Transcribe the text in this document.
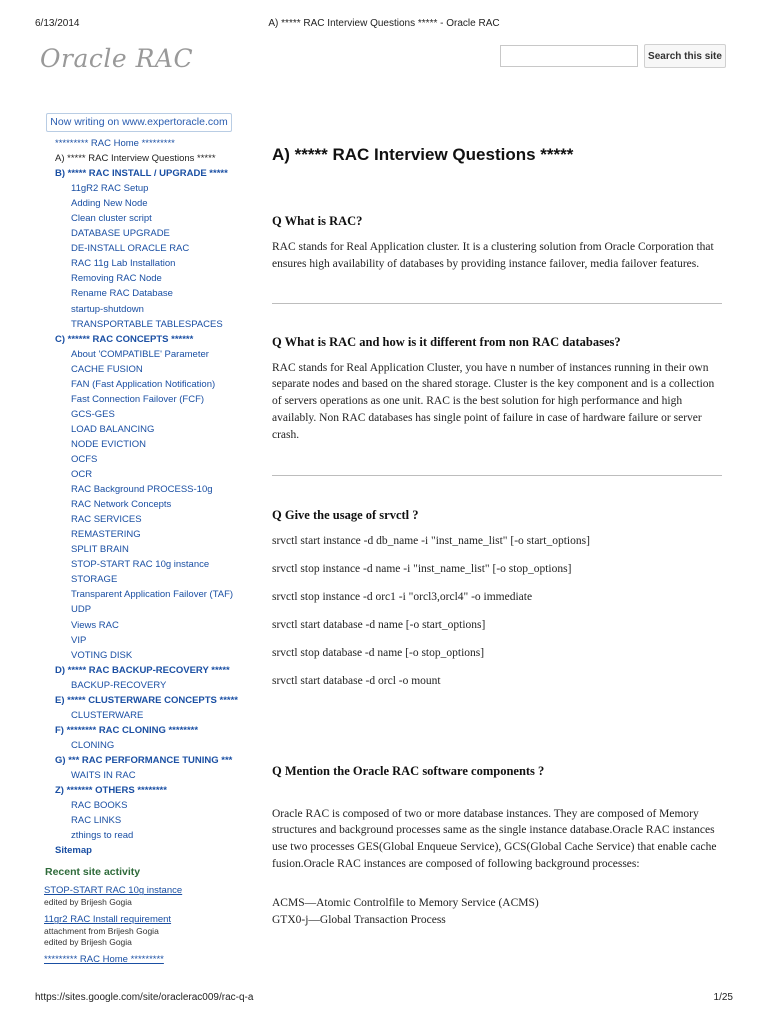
6/13/2014	A) ***** RAC Interview Questions ***** - Oracle RAC
Oracle RAC	Search this site
Now writing on www.expertoracle.com
********* RAC Home *********
A) ***** RAC Interview Questions *****
B) ***** RAC INSTALL / UPGRADE *****
11gR2 RAC Setup
Adding New Node
Clean cluster script
DATABASE UPGRADE
DE-INSTALL ORACLE RAC
RAC 11g Lab Installation
Removing RAC Node
Rename RAC Database
startup-shutdown
TRANSPORTABLE TABLESPACES
C) ****** RAC CONCEPTS ******
About 'COMPATIBLE' Parameter
CACHE FUSION
FAN (Fast Application Notification)
Fast Connection Failover (FCF)
GCS-GES
LOAD BALANCING
NODE EVICTION
OCFS
OCR
RAC Background PROCESS-10g
RAC Network Concepts
RAC SERVICES
REMASTERING
SPLIT BRAIN
STOP-START RAC 10g instance
STORAGE
Transparent Application Failover (TAF)
UDP
Views RAC
VIP
VOTING DISK
D) ***** RAC BACKUP-RECOVERY *****
BACKUP-RECOVERY
E) ***** CLUSTERWARE CONCEPTS *****
CLUSTERWARE
F) ******** RAC CLONING ********
CLONING
G) *** RAC PERFORMANCE TUNING ***
WAITS IN RAC
Z) ******* OTHERS ********
RAC BOOKS
RAC LINKS
zthings to read
Sitemap
Recent site activity
STOP-START RAC 10g instance
edited by Brijesh Gogia
11gr2 RAC Install requirement
attachment from Brijesh Gogia
edited by Brijesh Gogia
********* RAC Home *********
A) ***** RAC Interview Questions *****
Q What is RAC?
RAC stands for Real Application cluster. It is a clustering solution from Oracle Corporation that ensures high availability of databases by providing instance failover, media failover features.
Q What is RAC and how is it different from non RAC databases?
RAC stands for Real Application Cluster, you have n number of instances running in their own separate nodes and based on the shared storage. Cluster is the key component and is a collection of servers operations as one unit. RAC is the best solution for high performance and high availably. Non RAC databases has single point of failure in case of hardware failure or server crash.
Q Give the usage of srvctl ?
srvctl start instance -d db_name -i "inst_name_list" [-o start_options]
srvctl stop instance -d name -i "inst_name_list" [-o stop_options]
srvctl stop instance -d orc1 -i "orcl3,orcl4" -o immediate
srvctl start database -d name [-o start_options]
srvctl stop database -d name [-o stop_options]
srvctl start database -d orcl -o mount
Q Mention the Oracle RAC software components ?
Oracle RAC is composed of two or more database instances. They are composed of Memory structures and background processes same as the single instance database.Oracle RAC instances use two processes GES(Global Enqueue Service), GCS(Global Cache Service) that enable cache fusion.Oracle RAC instances are composed of following background processes:
ACMS—Atomic Controlfile to Memory Service (ACMS)
GTX0-j—Global Transaction Process
https://sites.google.com/site/oraclerac009/rac-q-a	1/25
